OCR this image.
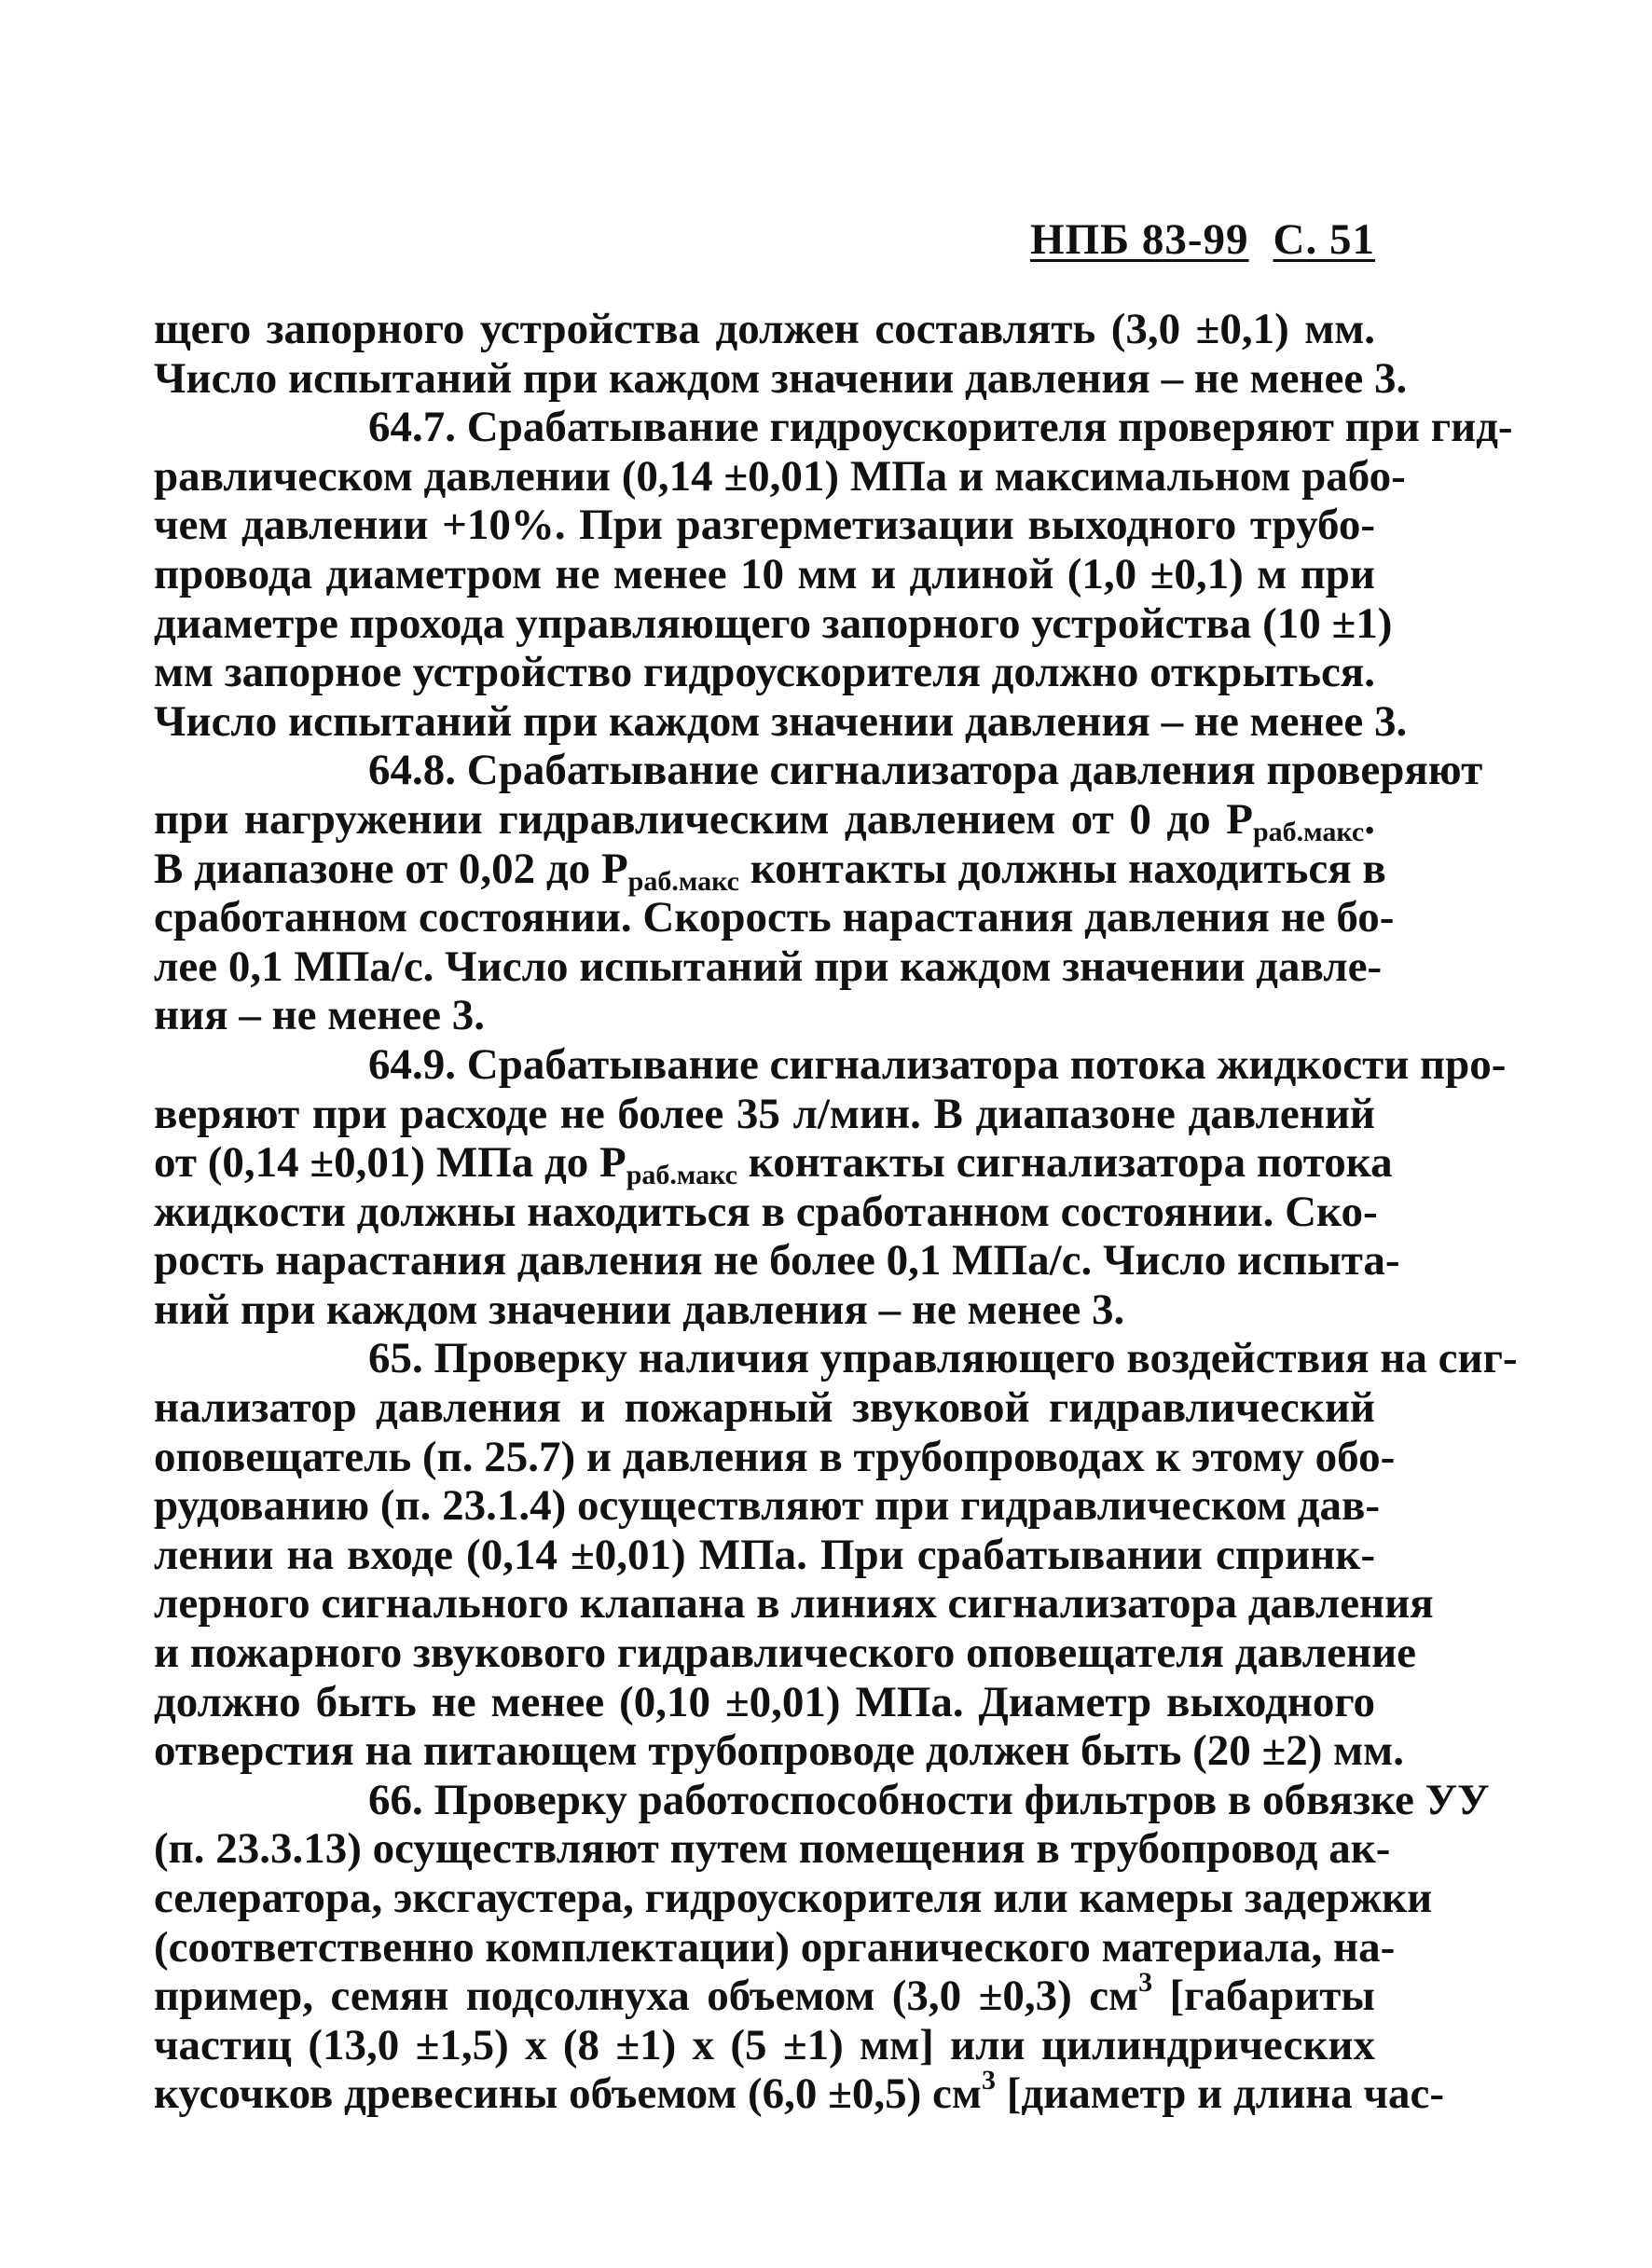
НПБ 83-99 С. 51
щего запорного устройства должен составлять (3,0 ±0,1) мм.
Число испытаний при каждом значении давления – не менее 3.
64.7. Срабатывание гидроускорителя проверяют при гид-
равлическом давлении (0,14 ±0,01) МПа и максимальном рабо-
чем давлении +10%. При разгерметизации выходного трубо-
провода диаметром не менее 10 мм и длиной (1,0 ±0,1) м при
диаметре прохода управляющего запорного устройства (10 ±1)
мм запорное устройство гидроускорителя должно открыться.
Число испытаний при каждом значении давления – не менее 3.
64.8. Срабатывание сигнализатора давления проверяют
при нагружении гидравлическим давлением от 0 до $P_{раб.макс}$.
В диапазоне от 0,02 до $P_{раб.макс}$ контакты должны находиться в
сработанном состоянии. Скорость нарастания давления не бо-
лее 0,1 МПа/с. Число испытаний при каждом значении давле-
ния – не менее 3.
64.9. Срабатывание сигнализатора потока жидкости про-
веряют при расходе не более 35 л/мин. В диапазоне давлений
от (0,14 ±0,01) МПа до $P_{раб.макс}$ контакты сигнализатора потока
жидкости должны находиться в сработанном состоянии. Ско-
рость нарастания давления не более 0,1 МПа/с. Число испыта-
ний при каждом значении давления – не менее 3.
65. Проверку наличия управляющего воздействия на сиг-
нализатор давления и пожарный звуковой гидравлический
оповещатель (п. 25.7) и давления в трубопроводах к этому обо-
рудованию (п. 23.1.4) осуществляют при гидравлическом дав-
лении на входе (0,14 ±0,01) МПа. При срабатывании спринк-
лерного сигнального клапана в линиях сигнализатора давления
и пожарного звукового гидравлического оповещателя давление
должно быть не менее (0,10 ±0,01) МПа. Диаметр выходного
отверстия на питающем трубопроводе должен быть (20 ±2) мм.
66. Проверку работоспособности фильтров в обвязке УУ
(п. 23.3.13) осуществляют путем помещения в трубопровод ак-
селератора, эксгаустера, гидроускорителя или камеры задержки
(соответственно комплектации) органического материала, на-
пример, семян подсолнуха объемом (3,0 ±0,3) $см^3$ [габариты
частиц (13,0 ±1,5) x (8 ±1) x (5 ±1) мм] или цилиндрических
кусочков древесины объемом (6,0 ±0,5) $см^3$ [диаметр и длина час-
